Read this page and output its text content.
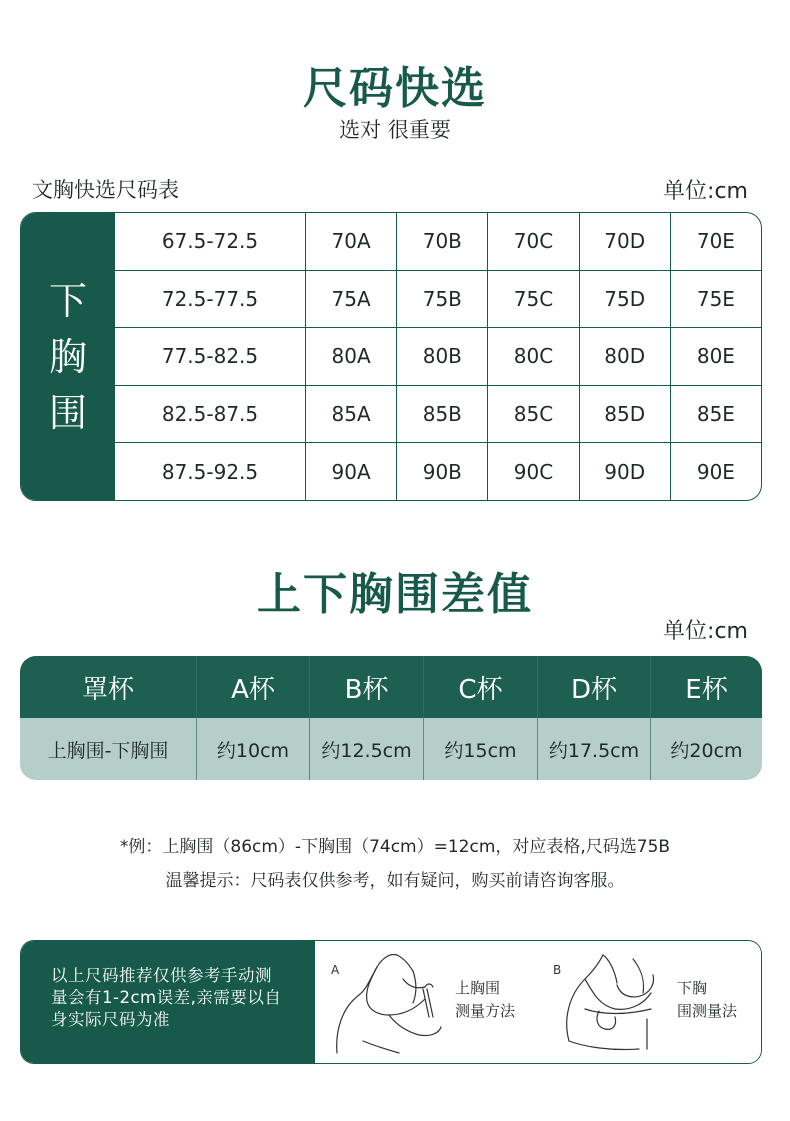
尺码快选
选对 很重要
文胸快选尺码表	单位:cm
下
胸
围
67.5-72.5	70A	70B	70C	70D	70E
72.5-77.5	75A	75B	75C	75D	75E
77.5-82.5	80A	80B	80C	80D	80E
82.5-87.5	85A	85B	85C	85D	85E
87.5-92.5	90A	90B	90C	90D	90E
上下胸围差值
单位:cm
罩杯	A杯	B杯	C杯	D杯	E杯
上胸围-下胸围	约10cm	约12.5cm	约15cm	约17.5cm	约20cm
*例：上胸围（86cm）-下胸围（74cm）=12cm，对应表格,尺码选75B
温馨提示：尺码表仅供参考，如有疑问，购买前请咨询客服。
以上尺码推荐仅供参考手动测
量会有1-2cm误差,亲需要以自
身实际尺码为准
A
上胸围
测量方法
B
下胸
围测量法
